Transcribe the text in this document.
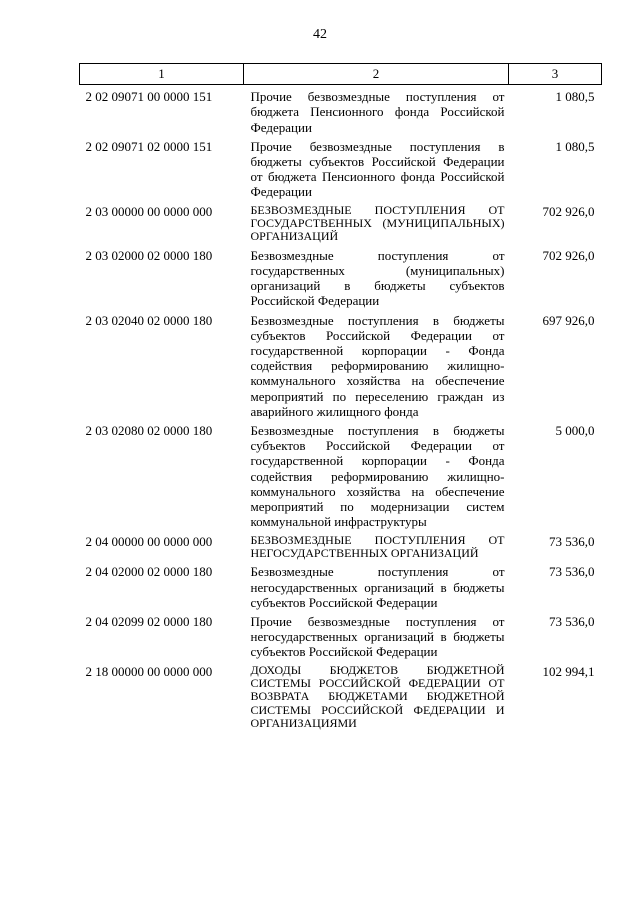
42
1	2	3
2 02 09071 00 0000 151	Прочие безвозмездные поступления от бюджета Пенсионного фонда Российской Федерации	1 080,5
2 02 09071 02 0000 151	Прочие безвозмездные поступления в бюджеты субъектов Российской Федерации от бюджета Пенсионного фонда Российской Федерации	1 080,5
2 03 00000 00 0000 000	БЕЗВОЗМЕЗДНЫЕ ПОСТУПЛЕНИЯ ОТ ГОСУДАРСТВЕННЫХ (МУНИЦИПАЛЬНЫХ) ОРГАНИЗАЦИЙ	702 926,0
2 03 02000 02 0000 180	Безвозмездные поступления от государственных (муниципальных) организаций в бюджеты субъектов Российской Федерации	702 926,0
2 03 02040 02 0000 180	Безвозмездные поступления в бюджеты субъектов Российской Федерации от государственной корпорации - Фонда содействия реформированию жилищно-коммунального хозяйства на обеспечение мероприятий по переселению граждан из аварийного жилищного фонда	697 926,0
2 03 02080 02 0000 180	Безвозмездные поступления в бюджеты субъектов Российской Федерации от государственной корпорации - Фонда содействия реформированию жилищно-коммунального хозяйства на обеспечение мероприятий по модернизации систем коммунальной инфраструктуры	5 000,0
2 04 00000 00 0000 000	БЕЗВОЗМЕЗДНЫЕ ПОСТУПЛЕНИЯ ОТ НЕГОСУДАРСТВЕННЫХ ОРГАНИЗАЦИЙ	73 536,0
2 04 02000 02 0000 180	Безвозмездные поступления от негосударственных организаций в бюджеты субъектов Российской Федерации	73 536,0
2 04 02099 02 0000 180	Прочие безвозмездные поступления от негосударственных организаций в бюджеты субъектов Российской Федерации	73 536,0
2 18 00000 00 0000 000	ДОХОДЫ БЮДЖЕТОВ БЮДЖЕТНОЙ СИСТЕМЫ РОССИЙСКОЙ ФЕДЕРАЦИИ ОТ ВОЗВРАТА БЮДЖЕТАМИ БЮДЖЕТНОЙ СИСТЕМЫ РОССИЙСКОЙ ФЕДЕРАЦИИ И ОРГАНИЗАЦИЯМИ	102 994,1
